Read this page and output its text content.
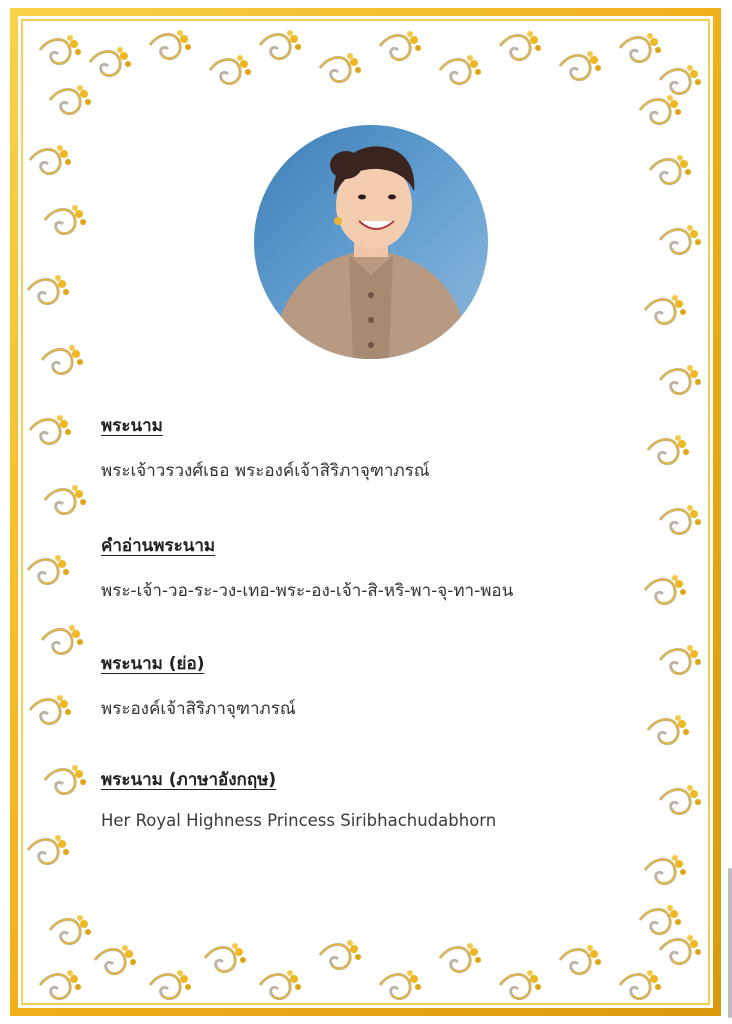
พระนาม
พระเจ้าวรวงศ์เธอ พระองค์เจ้าสิริภาจุฑาภรณ์
คำอ่านพระนาม
พระ-เจ้า-วอ-ระ-วง-เทอ-พระ-อง-เจ้า-สิ-หริ-พา-จุ-ทา-พอน
พระนาม (ย่อ)
พระองค์เจ้าสิริภาจุฑาภรณ์
พระนาม (ภาษาอังกฤษ)
Her Royal Highness Princess Siribhachudabhorn
